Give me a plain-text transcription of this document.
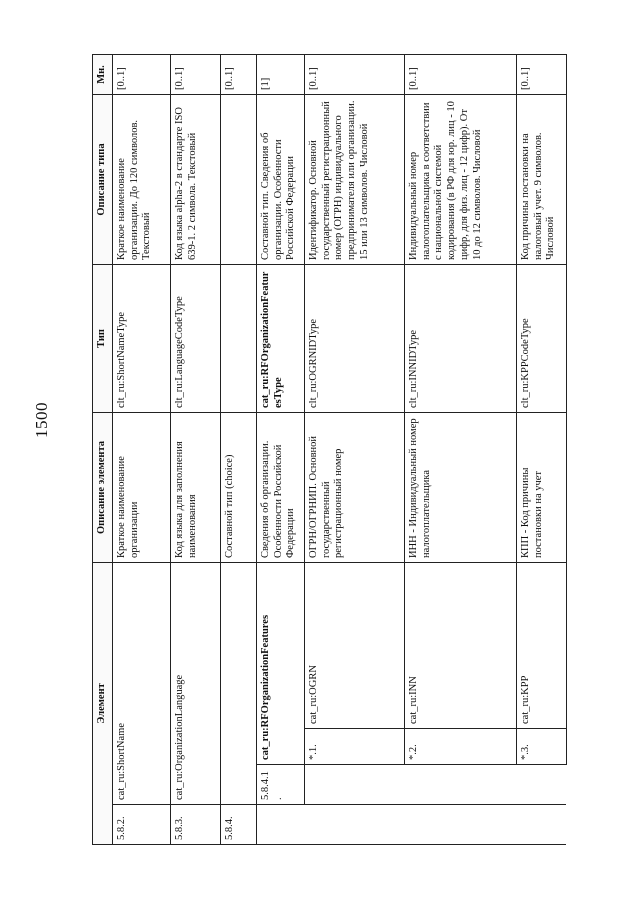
1500
Элемент				Описание элемента	Тип	Описание типа	Мн.
5.8.2.	cat_ru:ShortName			Краткое наименование организации	clt_ru:ShortNameType	Краткое наименование организации. До 120 символов. Текстовый	[0..1]
5.8.3.	cat_ru:OrganizationLanguage			Код языка для заполнения наименования	clt_ru:LanguageCodeType	Код языка alpha-2 в стандарте ISO 639-1. 2 символа. Текстовый	[0..1]
5.8.4.				Составной тип (choice)			[0..1]
	5.8.4.1.	cat_ru:RFOrganizationFeatures		Сведения об организации. Особенности Российской Федерации	cat_ru:RFOrganizationFeaturesType	Составной тип. Сведения об организации. Особенности Российской Федерации	[1]
		*.1.	cat_ru:OGRN	ОГРН/ОГРНИП. Основной государственный регистрационный номер	clt_ru:OGRNIDType	Идентификатор. Основной государственный регистрационный номер (ОГРН) индивидуального предпринимателя или организации. 15 или 13 символов. Числовой	[0..1]
		*.2.	cat_ru:INN	ИНН - Индивидуальный номер налогоплательщика	clt_ru:INNIDType	Индивидуальный номер налогоплательщика в соответствии с национальной системой кодирования (в РФ для юр. лиц - 10 цифр, для физ. лиц - 12 цифр). От 10 до 12 символов. Числовой	[0..1]
		*.3.	cat_ru:KPP	КПП - Код причины постановки на учет	clt_ru:KPPCodeType	Код причины постановки на налоговый учет. 9 символов. Числовой	[0..1]
